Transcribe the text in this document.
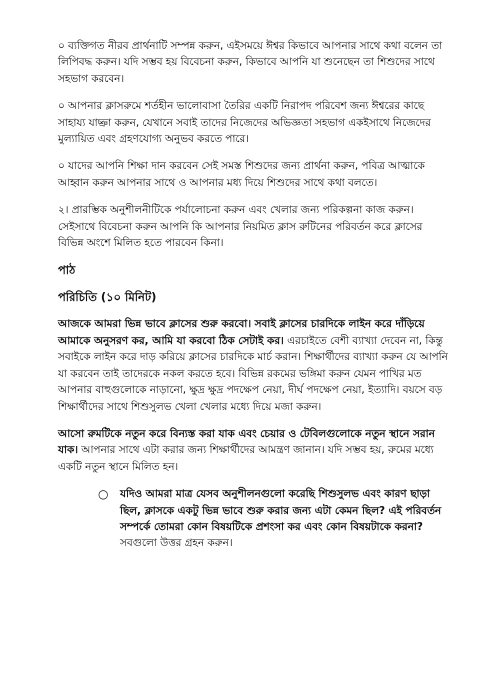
০ ব্যক্তিগত নীরব প্রার্থনাটি সম্পন্ন করুন, এইসময়ে ঈশ্বর কিভাবে আপনার সাথে কথা বলেন তা লিপিবদ্ধ করুন। যদি সম্ভব হয় বিবেচনা করুন, কিভাবে আপনি যা শুনেছেন তা শিশুদের সাথে সহভাগ করবেন।

০ আপনার ক্লাসরুমে শর্তহীন ভালোবাসা তৈরির একটি নিরাপদ পরিবেশ জন্য ঈশ্বরের কাছে সাহায্য যাচ্ঞা করুন, যেখানে সবাই তাদের নিজেদের অভিজ্ঞতা সহভাগ একইসাথে নিজেদের মুল্যায়িত এবং গ্রহণযোগ্য অনুভব করতে পারে।

০ যাদের আপনি শিক্ষা দান করবেন সেই সমস্ত শিশুদের জন্য প্রার্থনা করুন, পবিত্র আত্মাকে আহ্বান করুন আপনার সাথে ও আপনার মধ্য দিয়ে শিশুদের সাথে কথা বলতে।

২। প্রারম্ভিক অনুশীলনীটিকে পর্যালোচনা করুন এবং খেলার জন্য পরিকল্পনা কাজ করুন। সেইসাথে বিবেচনা করুন আপনি কি আপনার নিয়মিত ক্লাস রুটিনের পরিবর্তন করে ক্লাসের বিভিন্ন অংশে মিলিত হতে পারবেন কিনা।

পাঠ
পরিচিতি (১০ মিনিট)

আজকে আমরা ভিন্ন ভাবে ক্লাসের শুরু করবো। সবাই ক্লাসের চারদিকে লাইন করে দাঁড়িয়ে আমাকে অনুসরণ কর, আমি যা করবো ঠিক সেটাই কর। এরচাইতে বেশী ব্যাখ্যা দেবেন না, কিন্তু সবাইকে লাইন করে দাড় করিয়ে ক্লাসের চারদিকে মার্চ করান। শিক্ষার্থীদের ব্যাখ্যা করুন যে আপনি যা করবেন তাই তাদেরকে নকল করতে হবে। বিভিন্ন রকমের ভঙ্গিমা করুন যেমন পাখির মত আপনার বাহুগুলোকে নাড়ানো, ক্ষুদ্র ক্ষুদ্র পদক্ষেপ নেয়া, দীর্ঘ পদক্ষেপ নেয়া, ইত্যাদি। বয়সে বড় শিক্ষার্থীদের সাথে শিশুসুলভ খেলা খেলার মধ্যে দিয়ে মজা করুন।

আসো রুমটিকে নতুন করে বিন্যস্ত করা যাক এবং চেয়ার ও টেবিলগুলোকে নতুন স্থানে সরান যাক। আপনার সাথে এটা করার জন্য শিক্ষার্থীদের আমন্ত্রণ জানান। যদি সম্ভব হয়, রুমের মধ্যে একটি নতুন স্থানে মিলিত হন।

○ যদিও আমরা মাত্র যেসব অনুশীলনগুলো করেছি শিশুসুলভ এবং কারণ ছাড়া ছিল, ক্লাসকে একটু ভিন্ন ভাবে শুরু করার জন্য এটা কেমন ছিল? এই পরিবর্তন সম্পর্কে তোমরা কোন বিষয়টিকে প্রশংসা কর এবং কোন বিষয়টাকে করনা? সবগুলো উত্তর গ্রহন করুন।
